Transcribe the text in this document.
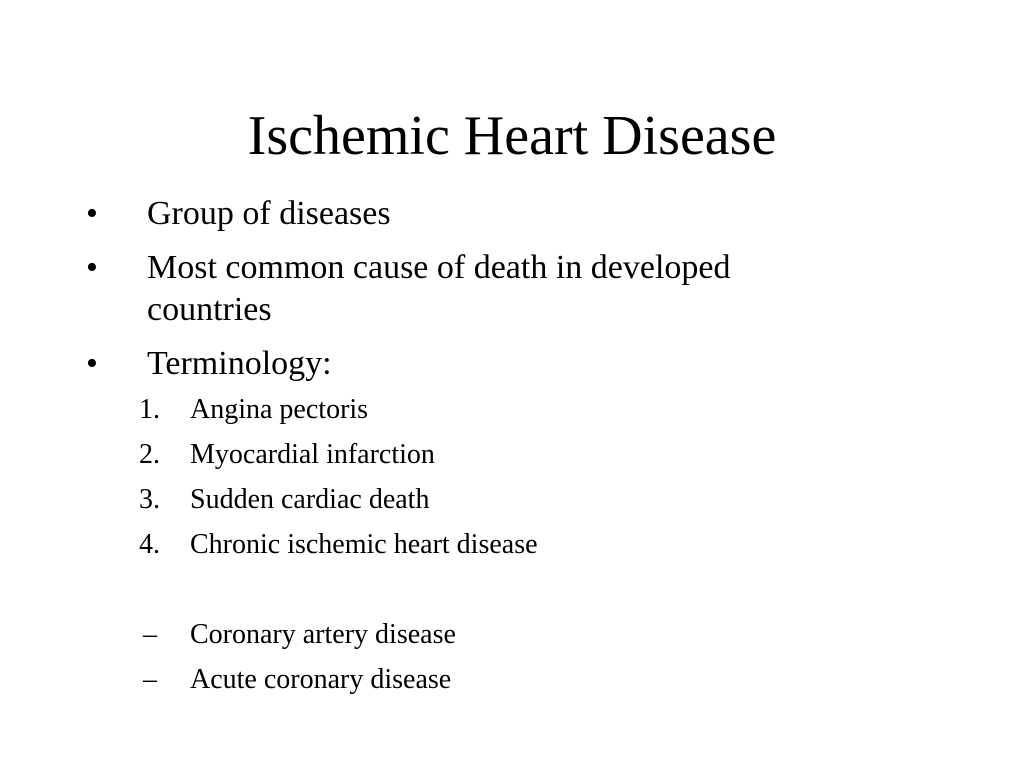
Ischemic Heart Disease
• Group of diseases
• Most common cause of death in developed
countries
• Terminology:
1. Angina pectoris
2. Myocardial infarction
3. Sudden cardiac death
4. Chronic ischemic heart disease
– Coronary artery disease
– Acute coronary disease
